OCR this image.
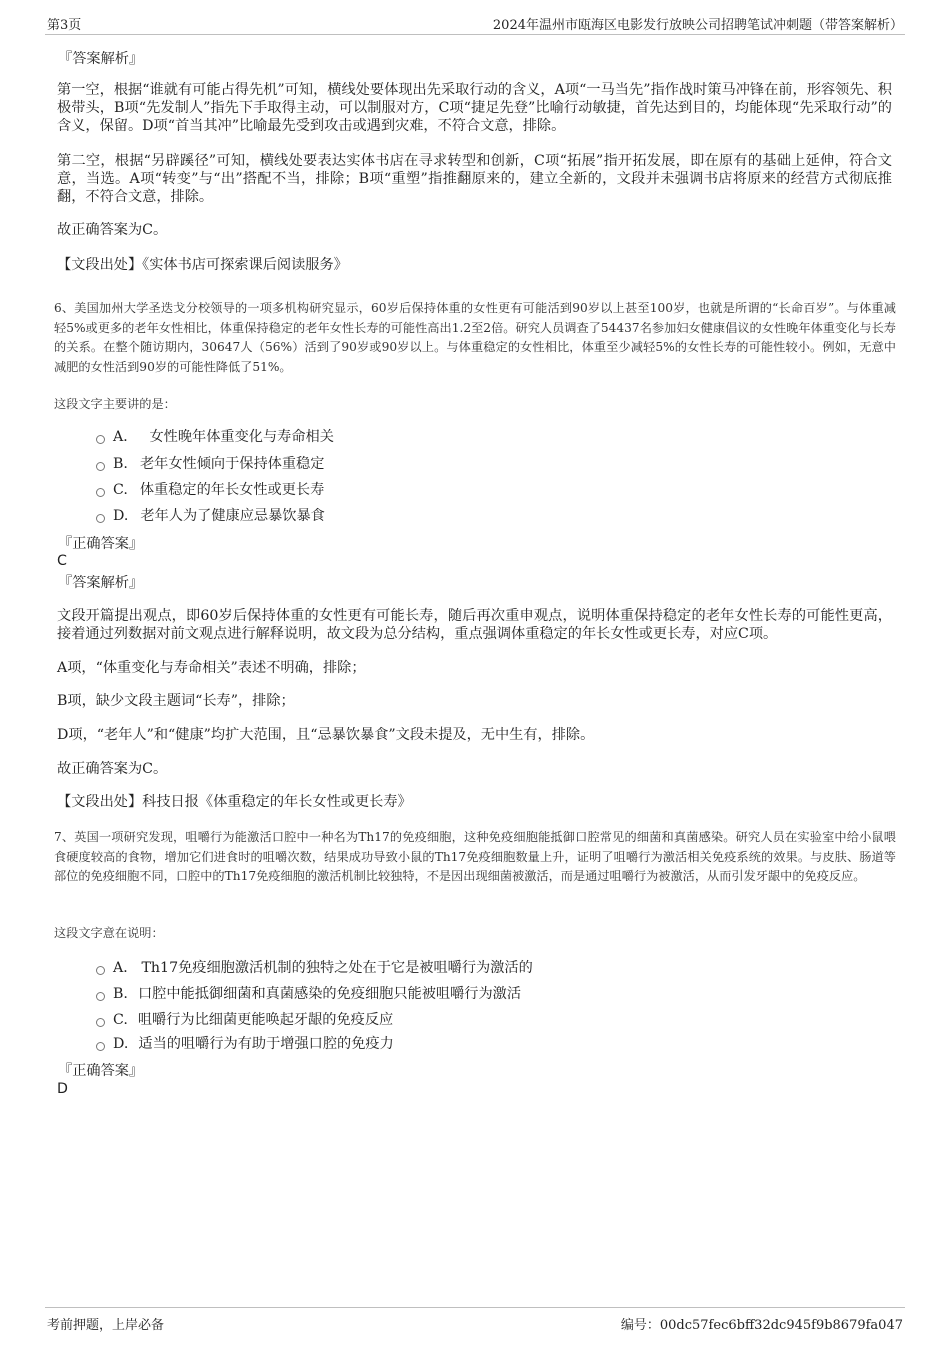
第3页	2024年温州市瓯海区电影发行放映公司招聘笔试冲刺题（带答案解析）

『答案解析』

第一空，根据“谁就有可能占得先机”可知，横线处要体现出先采取行动的含义，A项“一马当先”指作战时策马冲锋在前，形容领先、积极带头，B项“先发制人”指先下手取得主动，可以制服对方，C项“捷足先登”比喻行动敏捷，首先达到目的，均能体现“先采取行动”的含义，保留。D项“首当其冲”比喻最先受到攻击或遇到灾难，不符合文意，排除。

第二空，根据“另辟蹊径”可知，横线处要表达实体书店在寻求转型和创新，C项“拓展”指开拓发展，即在原有的基础上延伸，符合文意，当选。A项“转变”与“出”搭配不当，排除；B项“重塑”指推翻原来的，建立全新的，文段并未强调书店将原来的经营方式彻底推翻，不符合文意，排除。

故正确答案为C。

【文段出处】《实体书店可探索课后阅读服务》

6、美国加州大学圣迭戈分校领导的一项多机构研究显示，60岁后保持体重的女性更有可能活到90岁以上甚至100岁，也就是所谓的“长命百岁”。与体重减轻5%或更多的老年女性相比，体重保持稳定的老年女性长寿的可能性高出1.2至2倍。研究人员调查了54437名参加妇女健康倡议的女性晚年体重变化与长寿的关系。在整个随访期内，30647人（56%）活到了90岁或90岁以上。与体重稳定的女性相比，体重至少减轻5%的女性长寿的可能性较小。例如，无意中减肥的女性活到90岁的可能性降低了51%。

这段文字主要讲的是：

A． 女性晚年体重变化与寿命相关
B. 老年女性倾向于保持体重稳定
C. 体重稳定的年长女性或更长寿
D. 老年人为了健康应忌暴饮暴食

『正确答案』

C

『答案解析』

文段开篇提出观点，即60岁后保持体重的女性更有可能长寿，随后再次重申观点，说明体重保持稳定的老年女性长寿的可能性更高，接着通过列数据对前文观点进行解释说明，故文段为总分结构，重点强调体重稳定的年长女性或更长寿，对应C项。

A项，“体重变化与寿命相关”表述不明确，排除；

B项，缺少文段主题词“长寿”，排除；

D项，“老年人”和“健康”均扩大范围，且“忌暴饮暴食”文段未提及，无中生有，排除。

故正确答案为C。

【文段出处】科技日报《体重稳定的年长女性或更长寿》

7、英国一项研究发现，咀嚼行为能激活口腔中一种名为Th17的免疫细胞，这种免疫细胞能抵御口腔常见的细菌和真菌感染。研究人员在实验室中给小鼠喂食硬度较高的食物，增加它们进食时的咀嚼次数，结果成功导致小鼠的Th17免疫细胞数量上升，证明了咀嚼行为激活相关免疫系统的效果。与皮肤、肠道等部位的免疫细胞不同，口腔中的Th17免疫细胞的激活机制比较独特，不是因出现细菌被激活，而是通过咀嚼行为被激活，从而引发牙龈中的免疫反应。

这段文字意在说明：

A． Th17免疫细胞激活机制的独特之处在于它是被咀嚼行为激活的
B. 口腔中能抵御细菌和真菌感染的免疫细胞只能被咀嚼行为激活
C. 咀嚼行为比细菌更能唤起牙龈的免疫反应
D. 适当的咀嚼行为有助于增强口腔的免疫力

『正确答案』

D

考前押题，上岸必备	编号：00dc57fec6bff32dc945f9b8679fa047
